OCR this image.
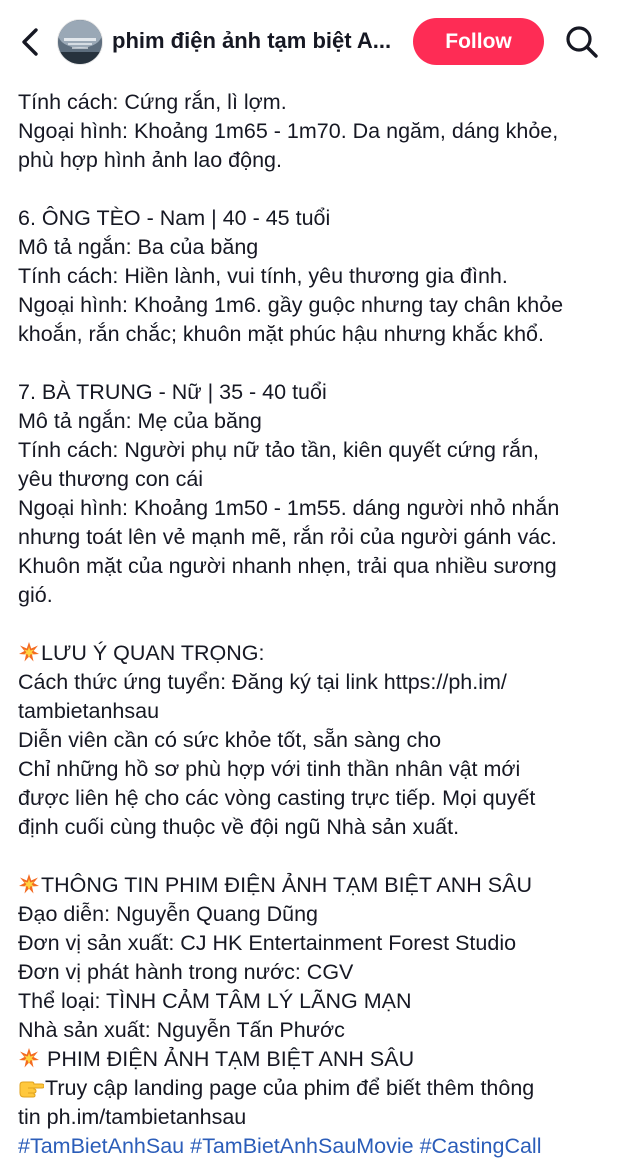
phim điện ảnh tạm biệt A...	Follow
Tính cách: Cứng rắn, lì lợm.
Ngoại hình: Khoảng 1m65 - 1m70. Da ngăm, dáng khỏe,
phù hợp hình ảnh lao động.
6. ÔNG TÈO - Nam | 40 - 45 tuổi
Mô tả ngắn: Ba của băng
Tính cách: Hiền lành, vui tính, yêu thương gia đình.
Ngoại hình: Khoảng 1m6. gầy guộc nhưng tay chân khỏe
khoắn, rắn chắc; khuôn mặt phúc hậu nhưng khắc khổ.
7. BÀ TRUNG - Nữ | 35 - 40 tuổi
Mô tả ngắn: Mẹ của băng
Tính cách: Người phụ nữ tảo tần, kiên quyết cứng rắn,
yêu thương con cái
Ngoại hình: Khoảng 1m50 - 1m55. dáng người nhỏ nhắn
nhưng toát lên vẻ mạnh mẽ, rắn rỏi của người gánh vác.
Khuôn mặt của người nhanh nhẹn, trải qua nhiều sương
gió.
LƯU Ý QUAN TRỌNG:
Cách thức ứng tuyển: Đăng ký tại link https://ph.im/
tambietanhsau
Diễn viên cần có sức khỏe tốt, sẵn sàng cho
Chỉ những hồ sơ phù hợp với tinh thần nhân vật mới
được liên hệ cho các vòng casting trực tiếp. Mọi quyết
định cuối cùng thuộc về đội ngũ Nhà sản xuất.
THÔNG TIN PHIM ĐIỆN ẢNH TẠM BIỆT ANH SÂU
Đạo diễn: Nguyễn Quang Dũng
Đơn vị sản xuất: CJ HK Entertainment Forest Studio
Đơn vị phát hành trong nước: CGV
Thể loại: TÌNH CẢM TÂM LÝ LÃNG MẠN
Nhà sản xuất: Nguyễn Tấn Phước
PHIM ĐIỆN ẢNH TẠM BIỆT ANH SÂU
Truy cập landing page của phim để biết thêm thông
tin ph.im/tambietanhsau
#TamBietAnhSau #TamBietAnhSauMovie #CastingCall
